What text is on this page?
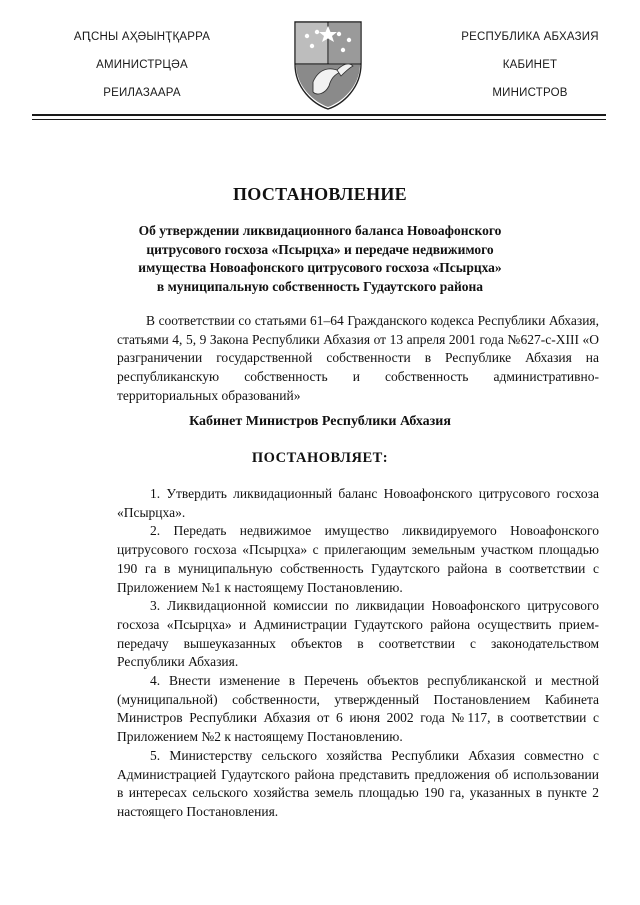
АԤСНЫ АҲӘЫНҬҚАРРА
АМИНИСТРЦӘА
РЕИЛАЗААРА
РЕСПУБЛИКА АБХАЗИЯ
КАБИНЕТ
МИНИСТРОВ
ПОСТАНОВЛЕНИЕ
Об утверждении ликвидационного баланса Новоафонского
цитрусового госхоза «Псырцха» и передаче недвижимого
имущества Новоафонского цитрусового госхоза «Псырцха»
в муниципальную собственность Гудаутского района
В соответствии со статьями 61–64 Гражданского кодекса Республики Абхазия, статьями 4, 5, 9 Закона Республики Абхазия от 13 апреля 2001 года №627-с-XIII «О разграничении государственной собственности в Республике Абхазия на республиканскую собственность и собственность административно-территориальных образований»
Кабинет Министров Республики Абхазия
ПОСТАНОВЛЯЕТ:

1. Утвердить ликвидационный баланс Новоафонского цитрусового госхоза «Псырцха».

2. Передать недвижимое имущество ликвидируемого Новоафонского цитрусового госхоза «Псырцха» с прилегающим земельным участком площадью 190 га в муниципальную собственность Гудаутского района в соответствии с Приложением №1 к настоящему Постановлению.

3. Ликвидационной комиссии по ликвидации Новоафонского цитрусового госхоза «Псырцха» и Администрации Гудаутского района осуществить прием-передачу вышеуказанных объектов в соответствии с законодательством Республики Абхазия.

4. Внести изменение в Перечень объектов республиканской и местной (муниципальной) собственности, утвержденный Постановлением Кабинета Министров Республики Абхазия от 6 июня 2002 года №117, в соответствии с Приложением №2 к настоящему Постановлению.

5. Министерству сельского хозяйства Республики Абхазия совместно с Администрацией Гудаутского района представить предложения об использовании в интересах сельского хозяйства земель площадью 190 га, указанных в пункте 2 настоящего Постановления.
